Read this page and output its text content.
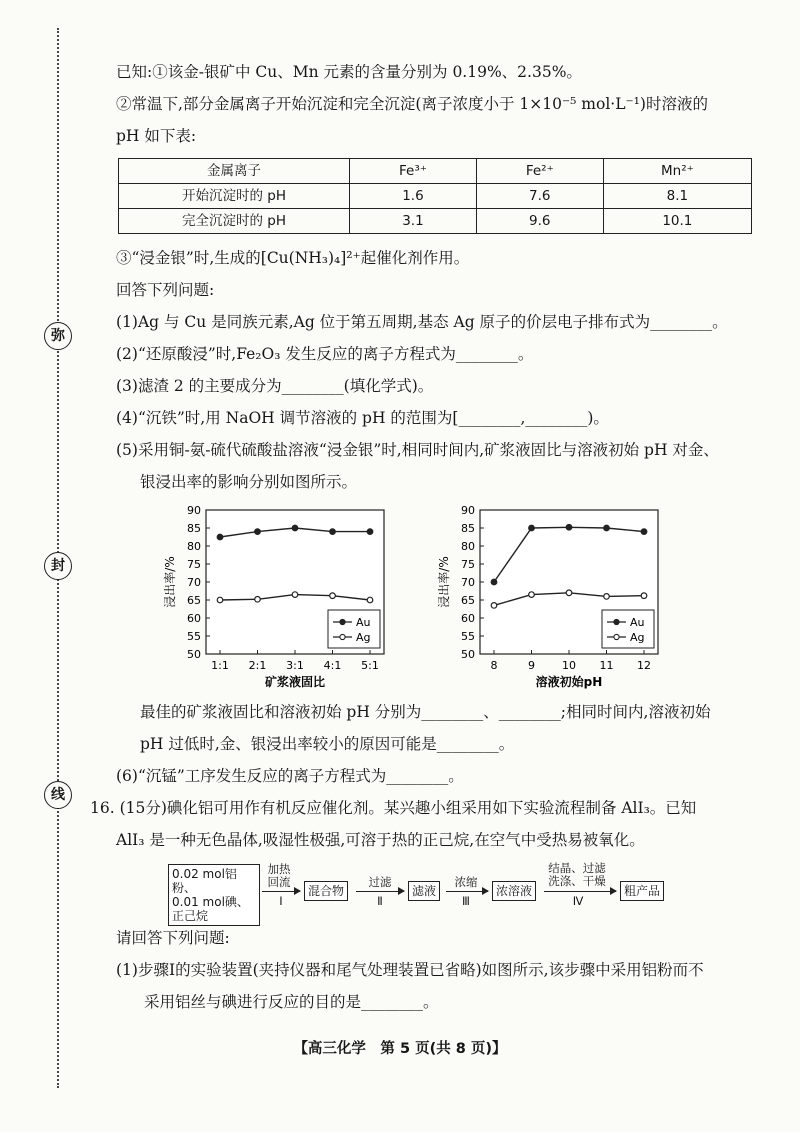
弥
封
线
已知:①该金-银矿中 Cu、Mn 元素的含量分别为 0.19%、2.35%。
②常温下,部分金属离子开始沉淀和完全沉淀(离子浓度小于 1×10⁻⁵ mol·L⁻¹)时溶液的
pH 如下表:
金属离子	Fe³⁺	Fe²⁺	Mn²⁺
开始沉淀时的 pH	1.6	7.6	8.1
完全沉淀时的 pH	3.1	9.6	10.1
③“浸金银”时,生成的[Cu(NH₃)₄]²⁺起催化剂作用。
回答下列问题:
(1)Ag 与 Cu 是同族元素,Ag 位于第五周期,基态 Ag 原子的价层电子排布式为________。
(2)“还原酸浸”时,Fe₂O₃ 发生反应的离子方程式为________。
(3)滤渣 2 的主要成分为________(填化学式)。
(4)“沉铁”时,用 NaOH 调节溶液的 pH 的范围为[________,________)。
(5)采用铜-氨-硫代硫酸盐溶液“浸金银”时,相同时间内,矿浆液固比与溶液初始 pH 对金、
银浸出率的影响分别如图所示。
50
55
60
65
70
75
80
85
90
1:1 2:1 3:1 4:1 5:1
矿浆液固比
浸出率/%
Au
Ag
50
55
60
65
70
75
80
85
90
8	9 10 11 12
溶液初始pH
浸出率/%
Au
Ag
最佳的矿浆液固比和溶液初始 pH 分别为________、________;相同时间内,溶液初始
pH 过低时,金、银浸出率较小的原因可能是________。
(6)“沉锰”工序发生反应的离子方程式为________。
16. (15分)碘化铝可用作有机反应催化剂。某兴趣小组采用如下实验流程制备 AlI₃。已知
AlI₃ 是一种无色晶体,吸湿性极强,可溶于热的正己烷,在空气中受热易被氧化。
0.02 mol铝粉、
0.01 mol碘、
正己烷
加热
回流
Ⅰ
混合物
过滤
Ⅱ
滤液
浓缩
Ⅲ
浓溶液
结晶、过滤
洗涤、干燥
Ⅳ
粗产品
请回答下列问题:
(1)步骤Ⅰ的实验装置(夹持仪器和尾气处理装置已省略)如图所示,该步骤中采用铝粉而不
采用铝丝与碘进行反应的目的是________。
【高三化学　第 5 页(共 8 页)】
